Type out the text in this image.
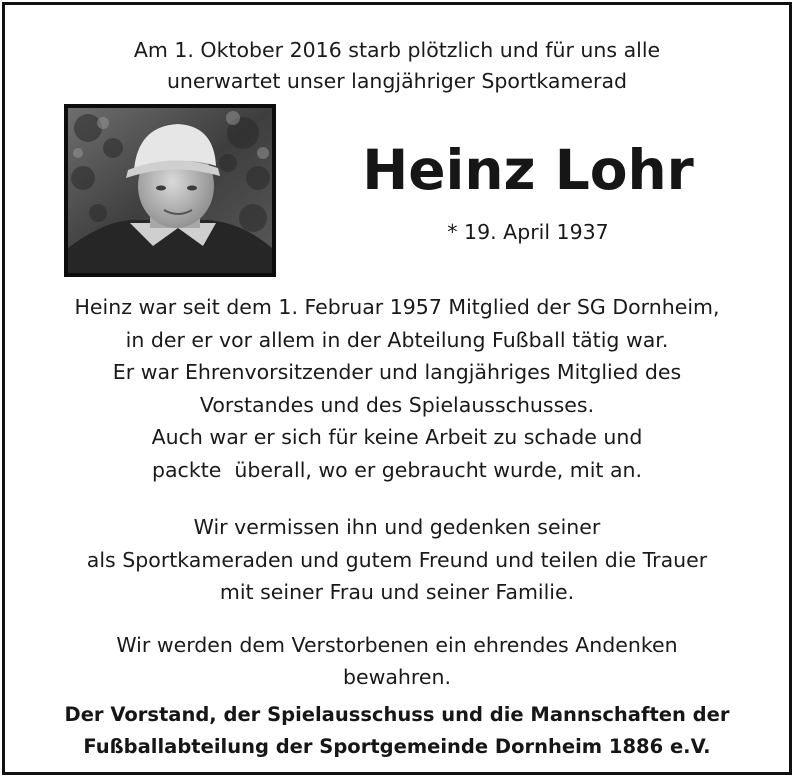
Am 1. Oktober 2016 starb plötzlich und für uns alle
unerwartet unser langjähriger Sportkamerad
Heinz Lohr
* 19. April 1937
Heinz war seit dem 1. Februar 1957 Mitglied der SG Dornheim,
in der er vor allem in der Abteilung Fußball tätig war.
Er war Ehrenvorsitzender und langjähriges Mitglied des
Vorstandes und des Spielausschusses.
Auch war er sich für keine Arbeit zu schade und
packte  überall, wo er gebraucht wurde, mit an.
Wir vermissen ihn und gedenken seiner
als Sportkameraden und gutem Freund und teilen die Trauer
mit seiner Frau und seiner Familie.
Wir werden dem Verstorbenen ein ehrendes Andenken
bewahren.
Der Vorstand, der Spielausschuss und die Mannschaften der
Fußballabteilung der Sportgemeinde Dornheim 1886 e.V.
